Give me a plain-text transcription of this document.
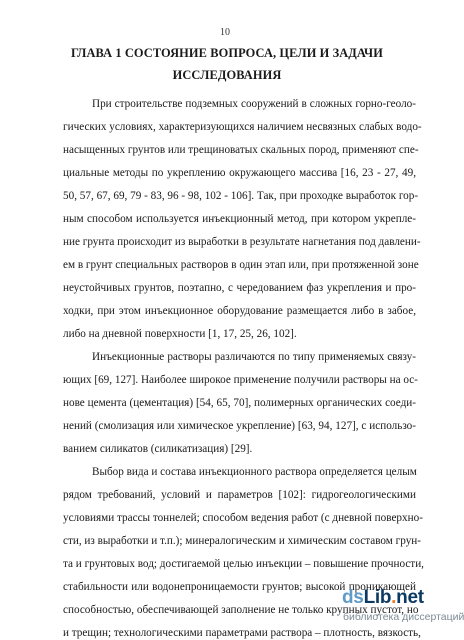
10
ГЛАВА 1 СОСТОЯНИЕ ВОПРОСА, ЦЕЛИ И ЗАДАЧИ
ИССЛЕДОВАНИЯ
При строительстве подземных сооружений в сложных горно-геоло-
гических условиях, характеризующихся наличием несвязных слабых водо-
насыщенных грунтов или трещиноватых скальных пород, применяют спе-
циальные методы по укреплению окружающего массива [16, 23 - 27, 49,
50, 57, 67, 69, 79 - 83, 96 - 98, 102 - 106]. Так, при проходке выработок гор-
ным способом используется инъекционный метод, при котором укрепле-
ние грунта происходит из выработки в результате нагнетания под давлени-
ем в грунт специальных растворов в один этап или, при протяженной зоне
неустойчивых грунтов, поэтапно, с чередованием фаз укрепления и про-
ходки, при этом инъекционное оборудование размещается либо в забое,
либо на дневной поверхности [1, 17, 25, 26, 102].
Инъекционные растворы различаются по типу применяемых связу-
ющих [69, 127]. Наиболее широкое применение получили растворы на ос-
нове цемента (цементация) [54, 65, 70], полимерных органических соеди-
нений (смолизация или химическое укрепление) [63, 94, 127], с использо-
ванием силикатов (силикатизация) [29].
Выбор вида и состава инъекционного раствора определяется целым
рядом требований, условий и параметров [102]: гидрогеологическими
условиями трассы тоннелей; способом ведения работ (с дневной поверхно-
сти, из выработки и т.п.); минералогическим и химическим составом грун-
та и грунтовых вод; достигаемой целью инъекции – повышение прочности,
стабильности или водонепроницаемости грунтов; высокой проникающей
способностью, обеспечивающей заполнение не только крупных пустот, но
и трещин; технологическими параметрами раствора – плотность, вязкость,
dsLib.net
библиотека диссертаций
